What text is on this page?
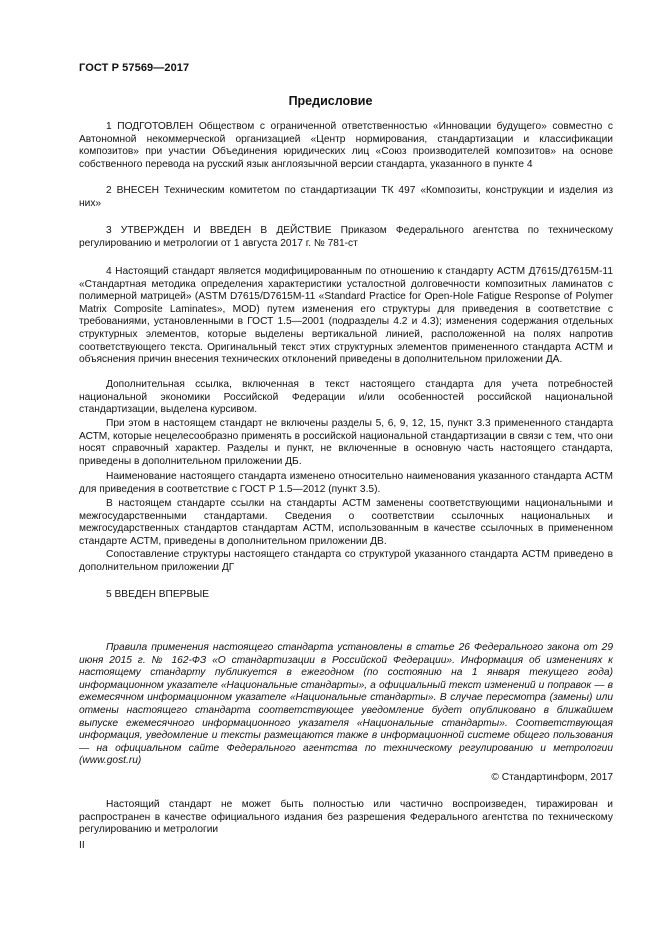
ГОСТ Р 57569—2017
Предисловие
1 ПОДГОТОВЛЕН Обществом с ограниченной ответственностью «Инновации будущего» совместно с Автономной некоммерческой организацией «Центр нормирования, стандартизации и классификации композитов» при участии Объединения юридических лиц «Союз производителей композитов» на основе собственного перевода на русский язык англоязычной версии стандарта, указанного в пункте 4
2 ВНЕСЕН Техническим комитетом по стандартизации ТК 497 «Композиты, конструкции и изделия из них»
3 УТВЕРЖДЕН И ВВЕДЕН В ДЕЙСТВИЕ Приказом Федерального агентства по техническому регулированию и метрологии от 1 августа 2017 г. № 781-ст
4 Настоящий стандарт является модифицированным по отношению к стандарту АСТМ Д7615/Д7615М-11 «Стандартная методика определения характеристики усталостной долговечности композитных ламинатов с полимерной матрицей» (ASTM D7615/D7615M-11 «Standard Practice for Open-Hole Fatigue Response of Polymer Matrix Composite Laminates», MOD) путем изменения его структуры для приведения в соответствие с требованиями, установленными в ГОСТ 1.5—2001 (подразделы 4.2 и 4.3); изменения содержания отдельных структурных элементов, которые выделены вертикальной линией, расположенной на полях напротив соответствующего текста. Оригинальный текст этих структурных элементов примененного стандарта АСТМ и объяснения причин внесения технических отклонений приведены в дополнительном приложении ДА.
Дополнительная ссылка, включенная в текст настоящего стандарта для учета потребностей национальной экономики Российской Федерации и/или особенностей российской национальной стандартизации, выделена курсивом.
При этом в настоящем стандарт не включены разделы 5, 6, 9, 12, 15, пункт 3.3 примененного стандарта АСТМ, которые нецелесообразно применять в российской национальной стандартизации в связи с тем, что они носят справочный характер. Разделы и пункт, не включенные в основную часть настоящего стандарта, приведены в дополнительном приложении ДБ.
Наименование настоящего стандарта изменено относительно наименования указанного стандарта АСТМ для приведения в соответствие с ГОСТ Р 1.5—2012 (пункт 3.5).
В настоящем стандарте ссылки на стандарты АСТМ заменены соответствующими национальными и межгосударственными стандартами. Сведения о соответствии ссылочных национальных и межгосударственных стандартов стандартам АСТМ, использованным в качестве ссылочных в примененном стандарте АСТМ, приведены в дополнительном приложении ДВ.
Сопоставление структуры настоящего стандарта со структурой указанного стандарта АСТМ приведено в дополнительном приложении ДГ
5 ВВЕДЕН ВПЕРВЫЕ
Правила применения настоящего стандарта установлены в статье 26 Федерального закона от 29 июня 2015 г. № 162-ФЗ «О стандартизации в Российской Федерации». Информация об изменениях к настоящему стандарту публикуется в ежегодном (по состоянию на 1 января текущего года) информационном указателе «Национальные стандарты», а официальный текст изменений и поправок — в ежемесячном информационном указателе «Национальные стандарты». В случае пересмотра (замены) или отмены настоящего стандарта соответствующее уведомление будет опубликовано в ближайшем выпуске ежемесячного информационного указателя «Национальные стандарты». Соответствующая информация, уведомление и тексты размещаются также в информационной системе общего пользования — на официальном сайте Федерального агентства по техническому регулированию и метрологии (www.gost.ru)
© Стандартинформ, 2017
Настоящий стандарт не может быть полностью или частично воспроизведен, тиражирован и распространен в качестве официального издания без разрешения Федерального агентства по техническому регулированию и метрологии
II
